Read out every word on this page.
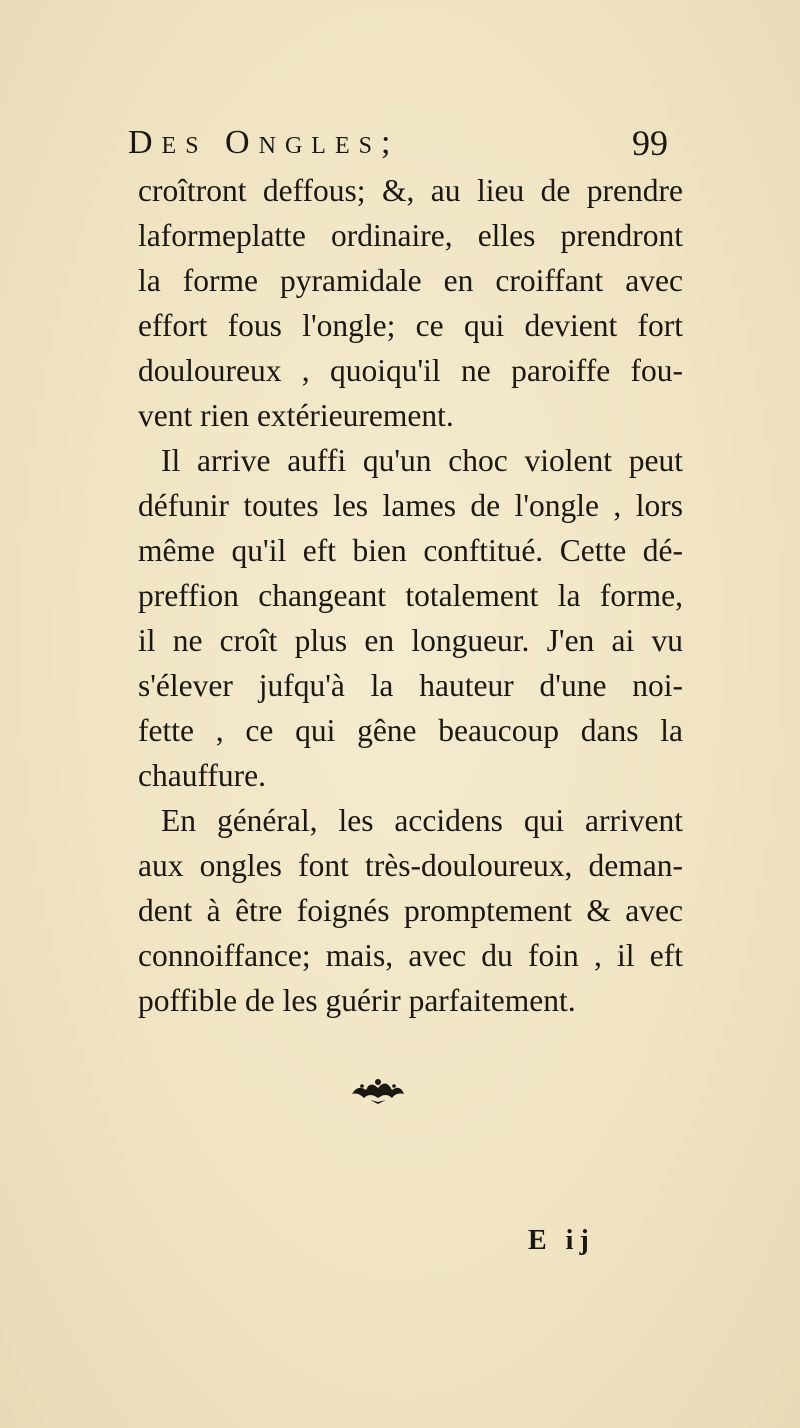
Des Ongles;	99
croîtront deffous; &, au lieu de prendre
laformeplatte ordinaire, elles prendront
la forme pyramidale en croiffant avec
effort fous l'ongle; ce qui devient fort
douloureux , quoiqu'il ne paroiffe fou-
vent rien extérieurement.
Il arrive auffi qu'un choc violent peut
défunir toutes les lames de l'ongle , lors
même qu'il eft bien conftitué. Cette dé-
preffion changeant totalement la forme,
il ne croît plus en longueur. J'en ai vu
s'élever jufqu'à la hauteur d'une noi-
fette , ce qui gêne beaucoup dans la
chauffure.
En général, les accidens qui arrivent
aux ongles font très-douloureux, deman-
dent à être foignés promptement & avec
connoiffance; mais, avec du foin , il eft
poffible de les guérir parfaitement.
E ij
